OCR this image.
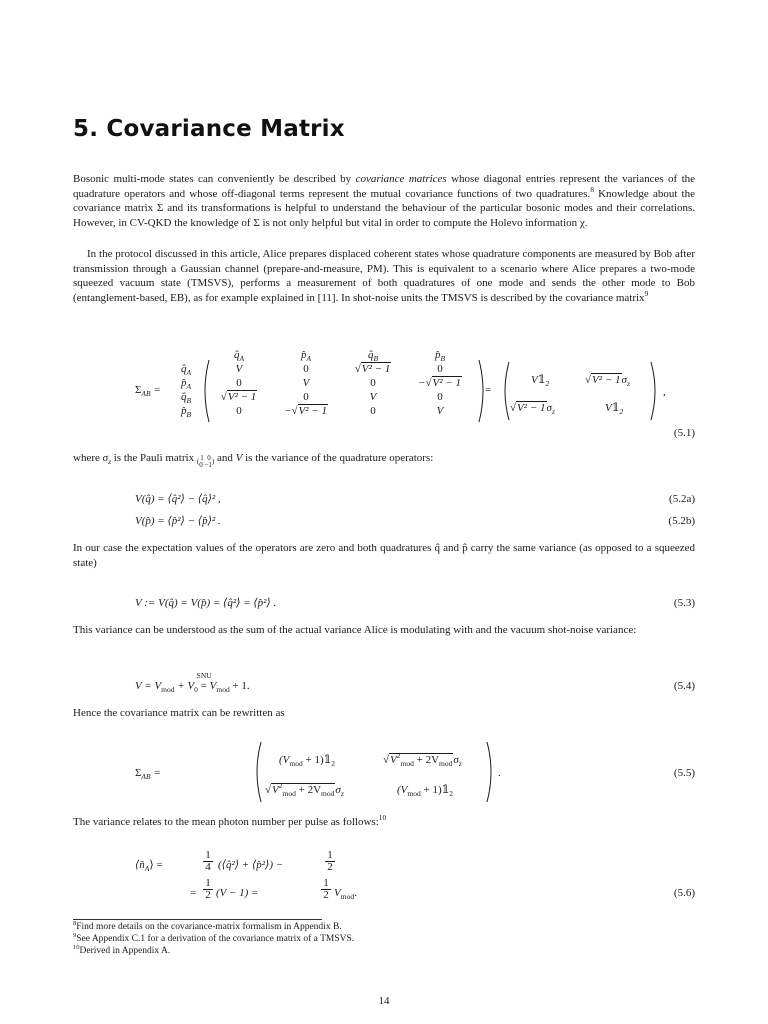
5. Covariance Matrix

Bosonic multi-mode states can conveniently be described by covariance matrices whose diagonal entries represent the variances of the quadrature operators and whose off-diagonal terms represent the mutual covariance functions of two quadratures.$^8$ Knowledge about the covariance matrix Σ and its transformations is helpful to understand the behaviour of the particular bosonic modes and their correlations. However, in CV-QKD the knowledge of Σ is not only helpful but vital in order to compute the Holevo information χ.

In the protocol discussed in this article, Alice prepares displaced coherent states whose quadrature components are measured by Bob after transmission through a Gaussian channel (prepare-and-measure, PM). This is equivalent to a scenario where Alice prepares a two-mode squeezed vacuum state (TMSVS), performs a measurement of both quadratures of one mode and sends the other mode to Bob (entanglement-based, EB), as for example explained in [11]. In shot-noise units the TMSVS is described by the covariance matrix$^9$

$\Sigma_{AB}$ =
$q̂_A$
$p̂_A$
$q̂_B$
$p̂_B$
$q̂_A$	$p̂_A$	$q̂_B$	$p̂_B$
V	0	√V² − 1	0
0	V	0	−√V² − 1
√V² − 1	0	V	0
0	−√V² − 1	0	V
=
$V𝟙_2$	$√V^2 - 1\sigma_z$
$√V^2 - 1\sigma_z$	$V𝟙_2$
,
(5.1)

where $\sigma_z$ is the Pauli matrix (1 0
0 −1) and V is the variance of the quadrature operators:

V(q̂) = ⟨q̂²⟩ − ⟨q̂⟩² ,	(5.2a)
V(p̂) = ⟨p̂²⟩ − ⟨p̂⟩² .	(5.2b)

In our case the expectation values of the operators are zero and both quadratures q̂ and p̂ carry the same variance (as opposed to a squeezed state)

V := V(q̂) = V(p̂) = ⟨q̂²⟩ = ⟨p̂²⟩ .	(5.3)

This variance can be understood as the sum of the actual variance Alice is modulating with and the vacuum shot-noise variance:

$V = V_{mod} + V_0$
SNU
= $V_{mod} + 1$.	(5.4)

Hence the covariance matrix can be rewritten as

$\Sigma_{AB}$ =
($V_{mod}$ + $1)𝟙_2$	$√V^2_{mod} + 2V_{mod}\sigma_z$
$√V^2_{mod} + 2V_{mod}\sigma_z$	($V_{mod}$ + $1)𝟙_2$
.	(5.5)

The variance relates to the mean photon number per pulse as follows:$^{10}$

$⟨n̂_A⟩$ =
1
4 (⟨q̂²⟩ + ⟨p̂²⟩) −
1
2
=
1
2 (V − 1) =
1
2 $V_{mod}$.	(5.6)
$^8$Find more details on the covariance-matrix formalism in Appendix B.
$^9$See Appendix C.1 for a derivation of the covariance matrix of a TMSVS.
$^{10}$Derived in Appendix A.
14
